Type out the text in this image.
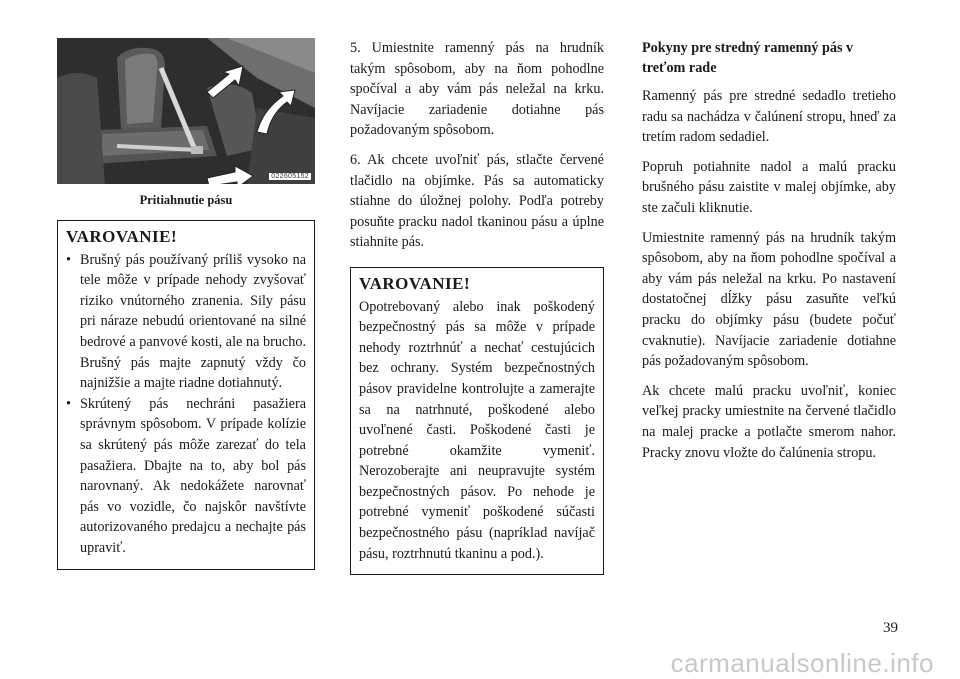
022605152
Pritiahnutie pásu
VAROVANIE!
• Brušný pás používaný príliš vysoko na tele môže v prípade nehody zvyšovať riziko vnútorného zranenia. Sily pásu pri náraze nebudú orientované na silné bedrové a panvové kosti, ale na brucho. Brušný pás majte zapnutý vždy čo najnižšie a majte riadne dotiahnutý.
• Skrútený pás nechráni pasažiera správnym spôsobom. V prípade kolízie sa skrútený pás môže zarezať do tela pasažiera. Dbajte na to, aby bol pás narovnaný. Ak nedokážete narovnať pás vo vozidle, čo najskôr navštívte autorizovaného predajcu a nechajte pás upraviť.

5. Umiestnite ramenný pás na hrudník takým spôsobom, aby na ňom pohodlne spočíval a aby vám pás neležal na krku. Navíjacie zariadenie dotiahne pás požadovaným spôsobom.

6. Ak chcete uvoľniť pás, stlačte červené tlačidlo na objímke. Pás sa automaticky stiahne do úložnej polohy. Podľa potreby posuňte pracku nadol tkaninou pásu a úplne stiahnite pás.

VAROVANIE!
Opotrebovaný alebo inak poškodený bezpečnostný pás sa môže v prípade nehody roztrhnúť a nechať cestujúcich bez ochrany. Systém bezpečnostných pásov pravidelne kontrolujte a zamerajte sa na natrhnuté, poškodené alebo uvoľnené časti. Poškodené časti je potrebné okamžite vymeniť. Nerozoberajte ani neupravujte systém bezpečnostných pásov. Po nehode je potrebné vymeniť poškodené súčasti bezpečnostného pásu (napríklad navíjač pásu, roztrhnutú tkaninu a pod.).
Pokyny pre stredný ramenný pás v treťom rade

Ramenný pás pre stredné sedadlo tretieho radu sa nachádza v čalúnení stropu, hneď za tretím radom sedadiel.

Popruh potiahnite nadol a malú pracku brušného pásu zaistite v malej objímke, aby ste začuli kliknutie.

Umiestnite ramenný pás na hrudník takým spôsobom, aby na ňom pohodlne spočíval a aby vám pás neležal na krku. Po nastavení dostatočnej dĺžky pásu zasuňte veľkú pracku do objímky pásu (budete počuť cvaknutie). Navíjacie zariadenie dotiahne pás požadovaným spôsobom.

Ak chcete malú pracku uvoľniť, koniec veľkej pracky umiestnite na červené tlačidlo na malej pracke a potlačte smerom nahor. Pracky znovu vložte do čalúnenia stropu.

39
carmanualsonline.info
